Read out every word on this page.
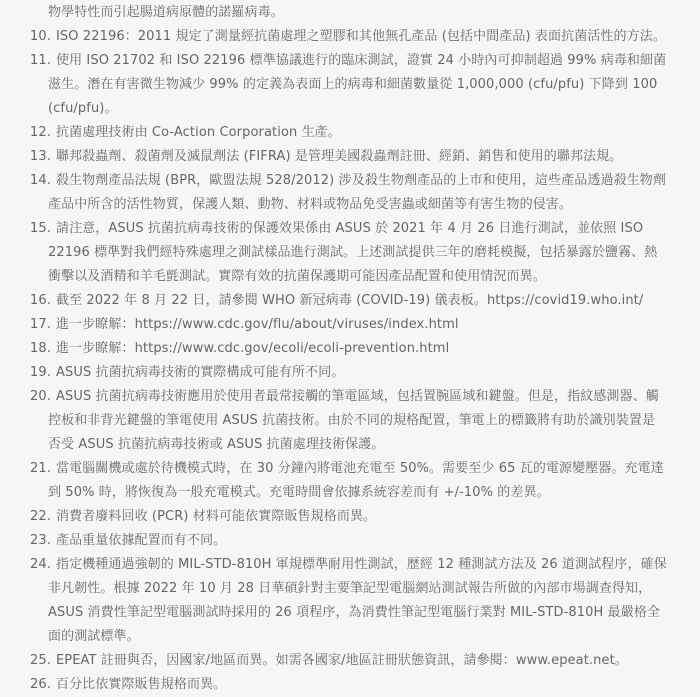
物學特性而引起腸道病原體的諾羅病毒。
10. ISO 22196：2011 規定了測量經抗菌處理之塑膠和其他無孔產品 (包括中間產品) 表面抗菌活性的方法。
11. 使用 ISO 21702 和 ISO 22196 標準協議進行的臨床測試，證實 24 小時內可抑制超過 99% 病毒和細菌滋生。潛在有害微生物減少 99% 的定義為表面上的病毒和細菌數量從 1,000,000 (cfu/pfu) 下降到 100 (cfu/pfu)。
12. 抗菌處理技術由 Co-Action Corporation 生產。
13. 聯邦殺蟲劑、殺菌劑及滅鼠劑法 (FIFRA) 是管理美國殺蟲劑註冊、經銷、銷售和使用的聯邦法規。
14. 殺生物劑產品法規 (BPR，歐盟法規 528/2012) 涉及殺生物劑產品的上市和使用，這些產品透過殺生物劑產品中所含的活性物質，保護人類、動物、材料或物品免受害蟲或細菌等有害生物的侵害。
15. 請注意，ASUS 抗菌抗病毒技術的保護效果係由 ASUS 於 2021 年 4 月 26 日進行測試，並依照 ISO 22196 標準對我們經特殊處理之測試樣品進行測試。上述測試提供三年的磨耗模擬，包括暴露於鹽霧、熱衝擊以及酒精和羊毛氈測試。實際有效的抗菌保護期可能因產品配置和使用情況而異。
16. 截至 2022 年 8 月 22 日，請參閱 WHO 新冠病毒 (COVID-19) 儀表板。https://covid19.who.int/
17. 進一步瞭解：https://www.cdc.gov/flu/about/viruses/index.html
18. 進一步瞭解：https://www.cdc.gov/ecoli/ecoli-prevention.html
19. ASUS 抗菌抗病毒技術的實際構成可能有所不同。
20. ASUS 抗菌抗病毒技術應用於使用者最常接觸的筆電區域，包括置腕區域和鍵盤。但是，指紋感測器、觸控板和非背光鍵盤的筆電使用 ASUS 抗菌技術。由於不同的規格配置，筆電上的標籤將有助於識別裝置是否受 ASUS 抗菌抗病毒技術或 ASUS 抗菌處理技術保護。
21. 當電腦關機或處於待機模式時，在 30 分鐘內將電池充電至 50%。需要至少 65 瓦的電源變壓器。充電達到 50% 時，將恢復為一般充電模式。充電時間會依據系統容差而有 +/-10% 的差異。
22. 消費者廢料回收 (PCR) 材料可能依實際販售規格而異。
23. 產品重量依據配置而有不同。
24. 指定機種通過強韌的 MIL-STD-810H 軍規標準耐用性測試，歷經 12 種測試方法及 26 道測試程序，確保非凡韌性。根據 2022 年 10 月 28 日華碩針對主要筆記型電腦網站測試報告所做的內部市場調查得知，ASUS 消費性筆記型電腦測試時採用的 26 項程序，為消費性筆記型電腦行業對 MIL-STD-810H 最嚴格全面的測試標準。
25. EPEAT 註冊與否，因國家/地區而異。如需各國家/地區註冊狀態資訊，請參閱：www.epeat.net。
26. 百分比依實際販售規格而異。
